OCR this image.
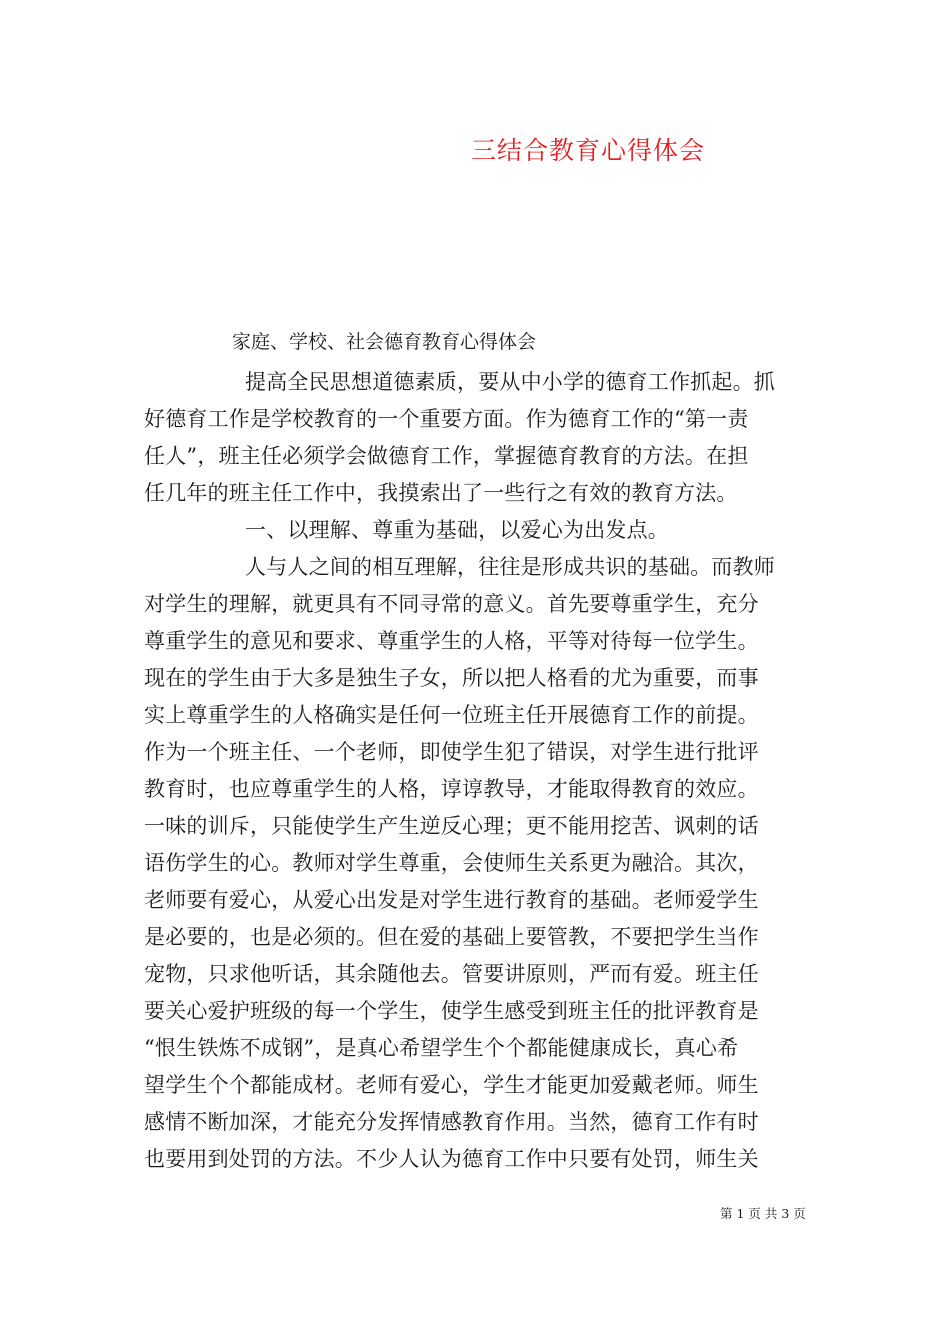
三结合教育心得体会
家庭、学校、社会德育教育心得体会
提高全民思想道德素质，要从中小学的德育工作抓起。抓
好德育工作是学校教育的一个重要方面。作为德育工作的“第一责
任人”，班主任必须学会做德育工作，掌握德育教育的方法。在担
任几年的班主任工作中，我摸索出了一些行之有效的教育方法。
一、以理解、尊重为基础，以爱心为出发点。
人与人之间的相互理解，往往是形成共识的基础。而教师
对学生的理解，就更具有不同寻常的意义。首先要尊重学生，充分
尊重学生的意见和要求、尊重学生的人格，平等对待每一位学生。
现在的学生由于大多是独生子女，所以把人格看的尤为重要，而事
实上尊重学生的人格确实是任何一位班主任开展德育工作的前提。
作为一个班主任、一个老师，即使学生犯了错误，对学生进行批评
教育时，也应尊重学生的人格，谆谆教导，才能取得教育的效应。
一味的训斥，只能使学生产生逆反心理；更不能用挖苦、讽刺的话
语伤学生的心。教师对学生尊重，会使师生关系更为融洽。其次，
老师要有爱心，从爱心出发是对学生进行教育的基础。老师爱学生
是必要的，也是必须的。但在爱的基础上要管教，不要把学生当作
宠物，只求他听话，其余随他去。管要讲原则，严而有爱。班主任
要关心爱护班级的每一个学生，使学生感受到班主任的批评教育是
“恨生铁炼不成钢”，是真心希望学生个个都能健康成长，真心希
望学生个个都能成材。老师有爱心，学生才能更加爱戴老师。师生
感情不断加深，才能充分发挥情感教育作用。当然，德育工作有时
也要用到处罚的方法。不少人认为德育工作中只要有处罚，师生关
第 1 页 共 3 页
